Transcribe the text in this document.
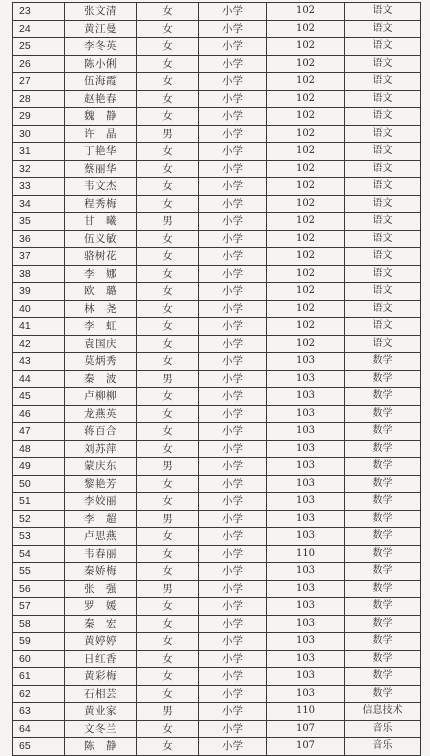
23	张文清	女	小学	102	语文
24	黄江曼	女	小学	102	语文
25	李冬英	女	小学	102	语文
26	陈小俐	女	小学	102	语文
27	伍海霞	女	小学	102	语文
28	赵艳春	女	小学	102	语文
29	魏　静	女	小学	102	语文
30	许　晶	男	小学	102	语文
31	丁艳华	女	小学	102	语文
32	蔡丽华	女	小学	102	语文
33	韦文杰	女	小学	102	语文
34	程秀梅	女	小学	102	语文
35	甘　曦	男	小学	102	语文
36	伍义敏	女	小学	102	语文
37	骆树花	女	小学	102	语文
38	李　娜	女	小学	102	语文
39	欧　璐	女	小学	102	语文
40	林　尧	女	小学	102	语文
41	李　虹	女	小学	102	语文
42	袁国庆	女	小学	102	语文
43	莫炳秀	女	小学	103	数学
44	秦　波	男	小学	103	数学
45	卢柳柳	女	小学	103	数学
46	龙燕英	女	小学	103	数学
47	蒋百合	女	小学	103	数学
48	刘苏萍	女	小学	103	数学
49	蒙庆东	男	小学	103	数学
50	黎艳芳	女	小学	103	数学
51	李姣丽	女	小学	103	数学
52	李　超	男	小学	103	数学
53	卢思燕	女	小学	103	数学
54	韦春丽	女	小学	110	数学
55	秦娇梅	女	小学	103	数学
56	张　强	男	小学	103	数学
57	罗　媛	女	小学	103	数学
58	秦　宏	女	小学	103	数学
59	黄婷婷	女	小学	103	数学
60	日红香	女	小学	103	数学
61	黄彩梅	女	小学	103	数学
62	石相芸	女	小学	103	数学
63	黄业家	男	小学	110	信息技术
64	文冬兰	女	小学	107	音乐
65	陈　静	女	小学	107	音乐
